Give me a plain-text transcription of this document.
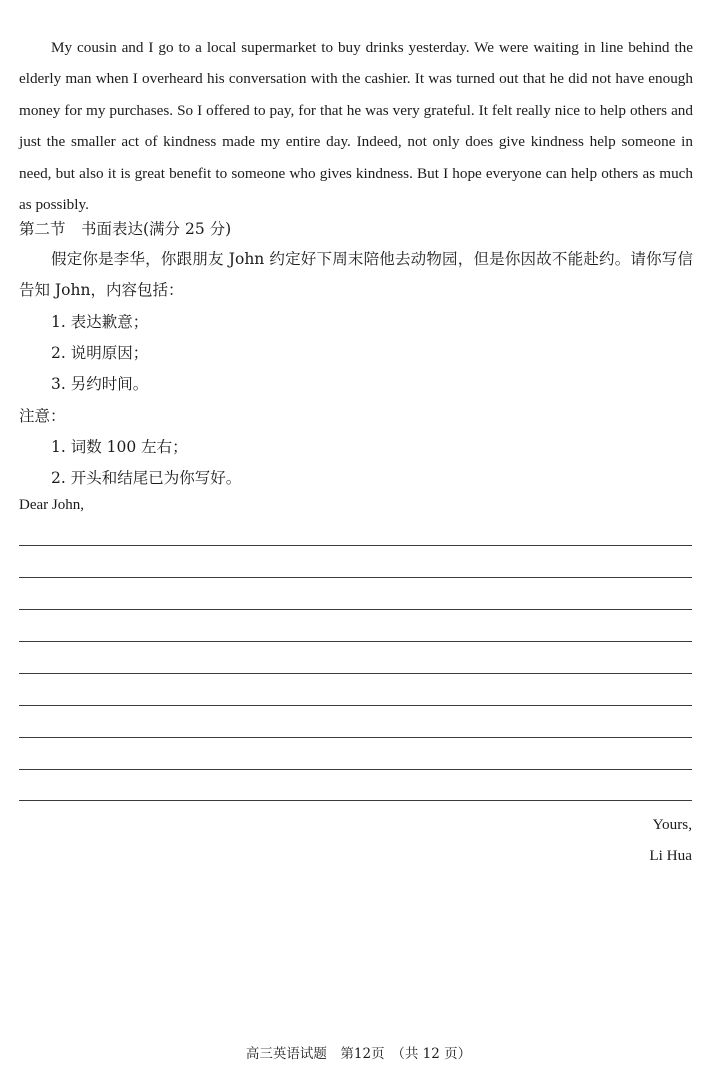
My cousin and I go to a local supermarket to buy drinks yesterday. We were waiting in line behind the elderly man when I overheard his conversation with the cashier. It was turned out that he did not have enough money for my purchases. So I offered to pay, for that he was very grateful. It felt really nice to help others and just the smaller act of kindness made my entire day. Indeed, not only does give kindness help someone in need, but also it is great benefit to someone who gives kindness. But I hope everyone can help others as much as possibly.

第二节　书面表达(满分 25 分)

假定你是李华，你跟朋友 John 约定好下周末陪他去动物园，但是你因故不能赴约。请你写信告知 John，内容包括：

1. 表达歉意；

2. 说明原因；

3. 另约时间。

注意：

1. 词数 100 左右；

2. 开头和结尾已为你写好。

Dear John,

Yours,

Li Hua

高三英语试题　第12页　（共 12 页）
